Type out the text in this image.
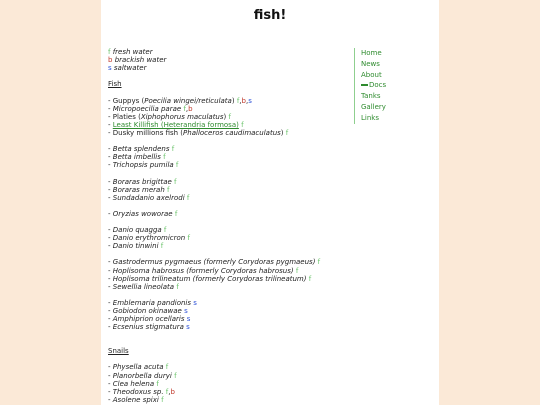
fish!
f fresh water
b brackish water
s saltwater
Fish
- Guppys (Poecilia wingei/reticulata) f,b,s
- Micropoecilia parae f,b
- Platies (Xiphophorus maculatus) f
- Least Killifish (Heterandria formosa) f
- Dusky millions fish (Phalloceros caudimaculatus) f
- Betta splendens f
- Betta imbellis f
- Trichopsis pumila f
- Boraras brigittae f
- Boraras merah f
- Sundadanio axelrodi f
- Oryzias woworae f
- Danio quagga f
- Danio erythromicron f
- Danio tinwini f
- Gastrodermus pygmaeus (formerly Corydoras pygmaeus) f
- Hoplisoma habrosus (formerly Corydoras habrosus) f
- Hoplisoma trilineatum (formerly Corydoras trilineatum) f
- Sewellia lineolata f
- Emblemaria pandionis s
- Gobiodon okinawae s
- Amphiprion ocellaris s
- Ecsenius stigmatura s
Snails
- Physella acuta f
- Planorbella duryi f
- Clea helena f
- Theodoxus sp. f,b
- Asolene spixi f
Home
News
About
Docs
Tanks
Gallery
Links
